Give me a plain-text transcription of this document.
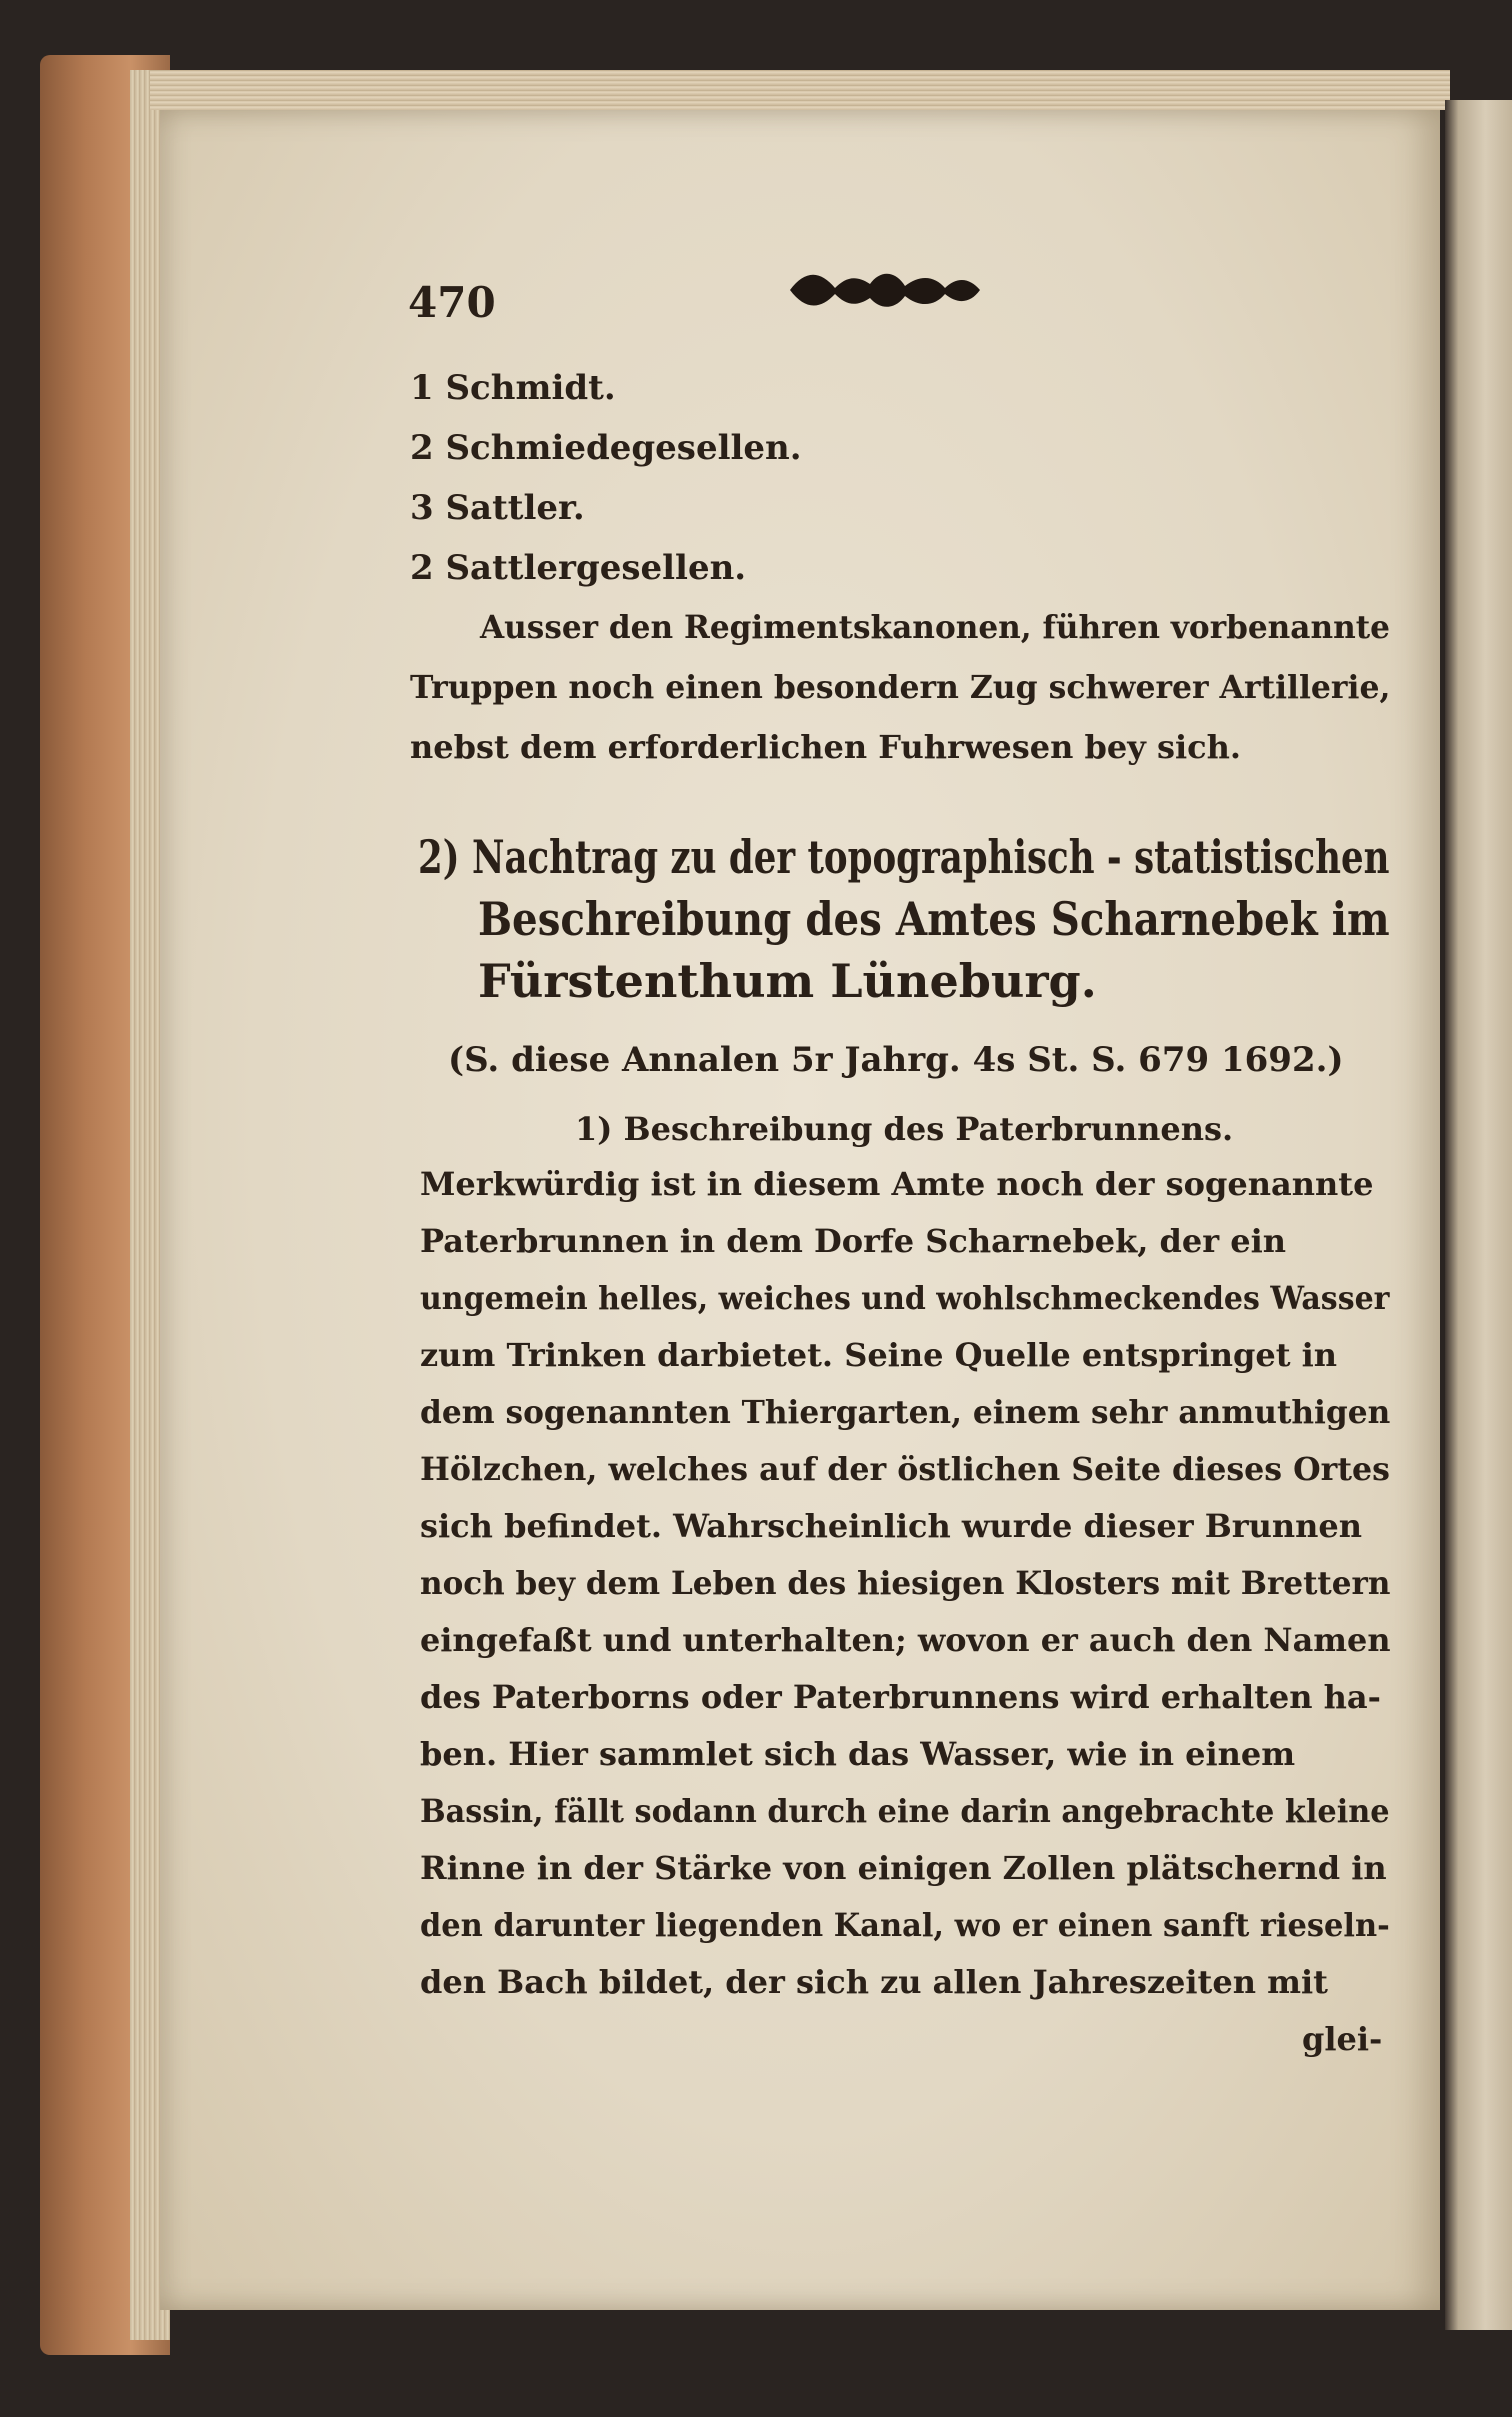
470
1 Schmidt.
2 Schmiedegesellen.
3 Sattler.
2 Sattlergesellen.
Ausser den Regimentskanonen, führen vorbenannte
Truppen noch einen besondern Zug schwerer Artillerie,
nebst dem erforderlichen Fuhrwesen bey sich.
2) Nachtrag zu der topographisch - statistischen
Beschreibung des Amtes Scharnebek im
Fürstenthum Lüneburg.
(S. diese Annalen 5r Jahrg. 4s St. S. 679 1692.)
1) Beschreibung des Paterbrunnens.
Merkwürdig ist in diesem Amte noch der sogenannte
Paterbrunnen in dem Dorfe Scharnebek, der ein
ungemein helles, weiches und wohlschmeckendes Wasser
zum Trinken darbietet. Seine Quelle entspringet in
dem sogenannten Thiergarten, einem sehr anmuthigen
Hölzchen, welches auf der östlichen Seite dieses Ortes
sich befindet. Wahrscheinlich wurde dieser Brunnen
noch bey dem Leben des hiesigen Klosters mit Brettern
eingefaßt und unterhalten; wovon er auch den Namen
des Paterborns oder Paterbrunnens wird erhalten ha-
ben. Hier sammlet sich das Wasser, wie in einem
Bassin, fällt sodann durch eine darin angebrachte kleine
Rinne in der Stärke von einigen Zollen plätschernd in
den darunter liegenden Kanal, wo er einen sanft rieseln-
den Bach bildet, der sich zu allen Jahreszeiten mit
glei-
